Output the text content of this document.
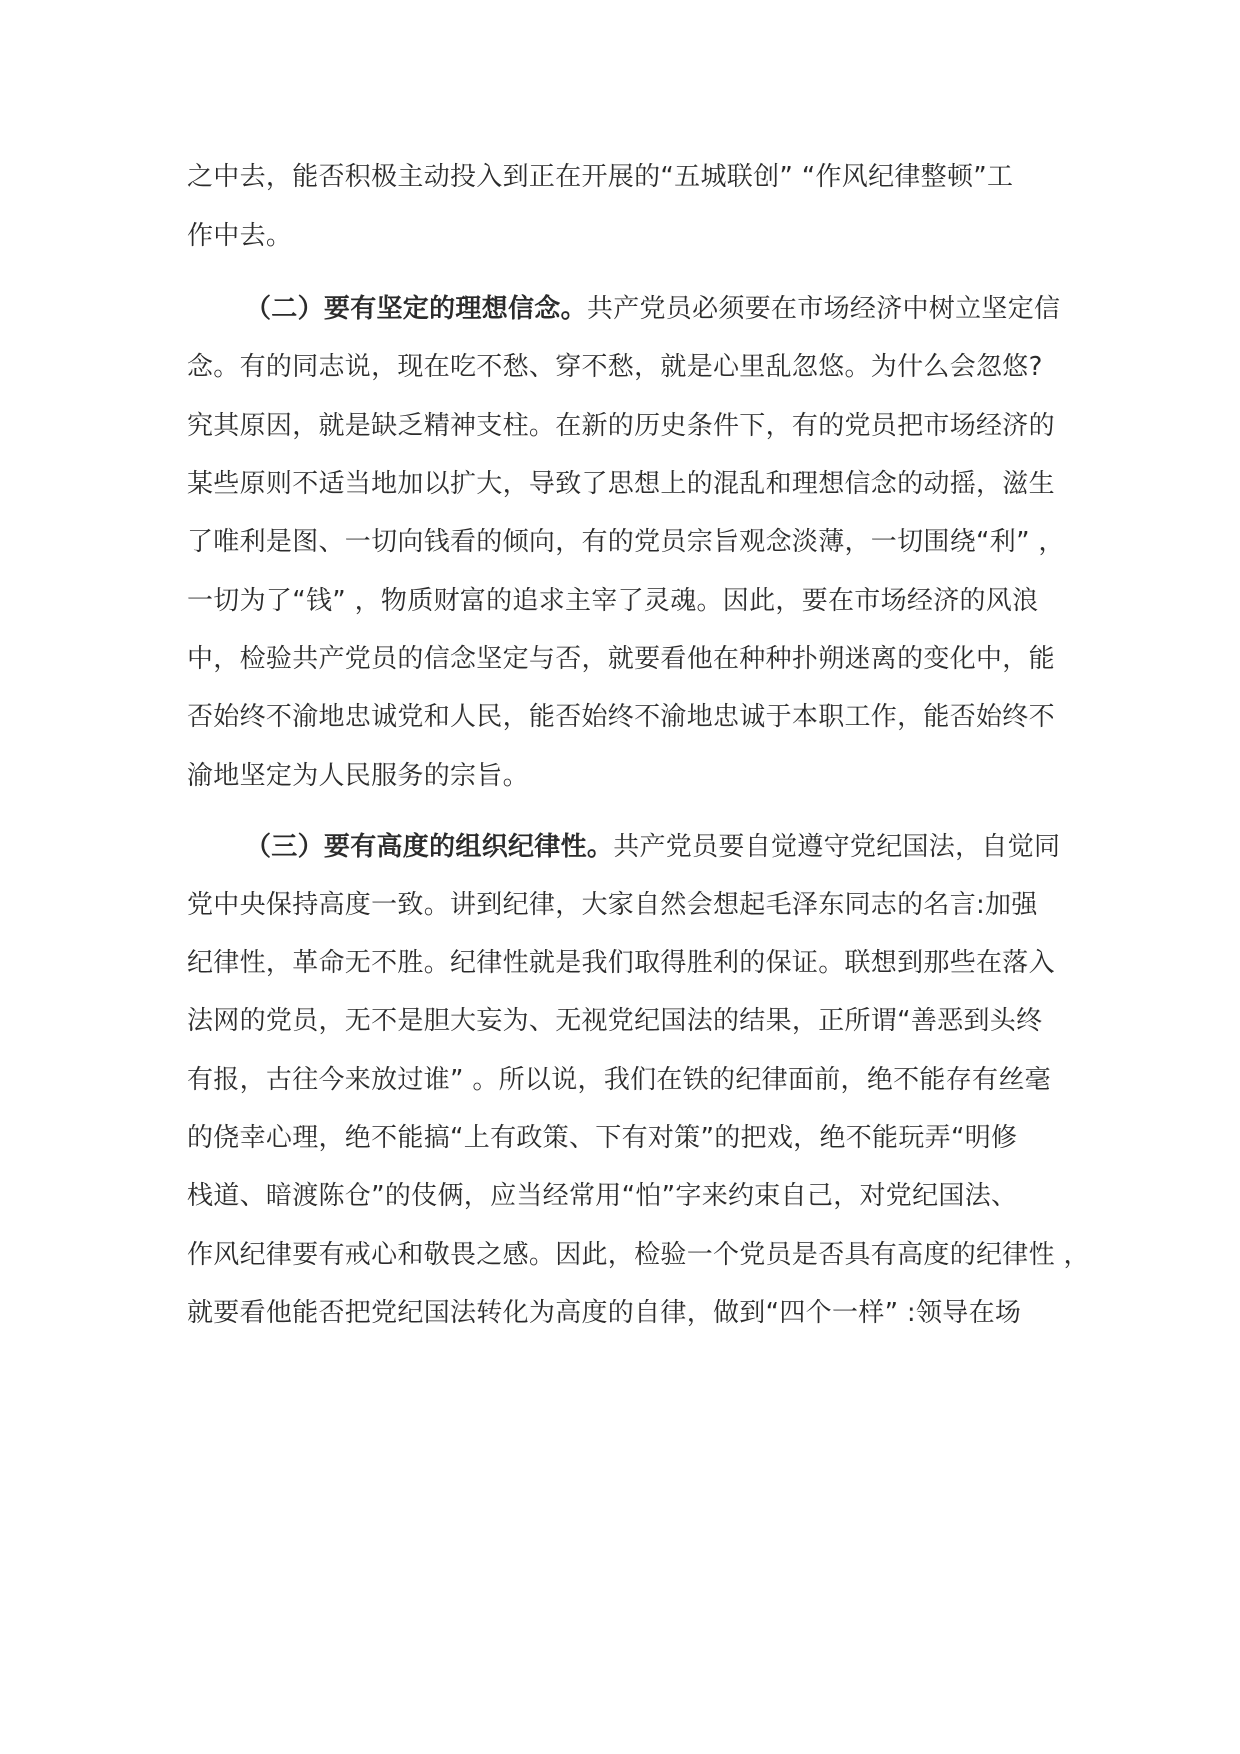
之中去，能否积极主动投入到正在开展的“五城联创” “作风纪律整顿”工
作中去。
（二）要有坚定的理想信念。共产党员必须要在市场经济中树立坚定信
念。有的同志说，现在吃不愁、穿不愁，就是心里乱忽悠。为什么会忽悠?
究其原因，就是缺乏精神支柱。在新的历史条件下，有的党员把市场经济的
某些原则不适当地加以扩大，导致了思想上的混乱和理想信念的动摇，滋生
了唯利是图、一切向钱看的倾向，有的党员宗旨观念淡薄，一切围绕“利” ，
一切为了“钱” ，物质财富的追求主宰了灵魂。因此，要在市场经济的风浪
中，检验共产党员的信念坚定与否，就要看他在种种扑朔迷离的变化中，能
否始终不渝地忠诚党和人民，能否始终不渝地忠诚于本职工作，能否始终不
渝地坚定为人民服务的宗旨。
（三）要有高度的组织纪律性。共产党员要自觉遵守党纪国法，自觉同
党中央保持高度一致。讲到纪律，大家自然会想起毛泽东同志的名言:加强
纪律性，革命无不胜。纪律性就是我们取得胜利的保证。联想到那些在落入
法网的党员，无不是胆大妄为、无视党纪国法的结果，正所谓“善恶到头终
有报，古往今来放过谁” 。所以说，我们在铁的纪律面前，绝不能存有丝毫
的侥幸心理，绝不能搞“上有政策、下有对策”的把戏，绝不能玩弄“明修
栈道、暗渡陈仓”的伎俩，应当经常用“怕”字来约束自己，对党纪国法、
作风纪律要有戒心和敬畏之感。因此，检验一个党员是否具有高度的纪律性 ，
就要看他能否把党纪国法转化为高度的自律，做到“四个一样” :领导在场
